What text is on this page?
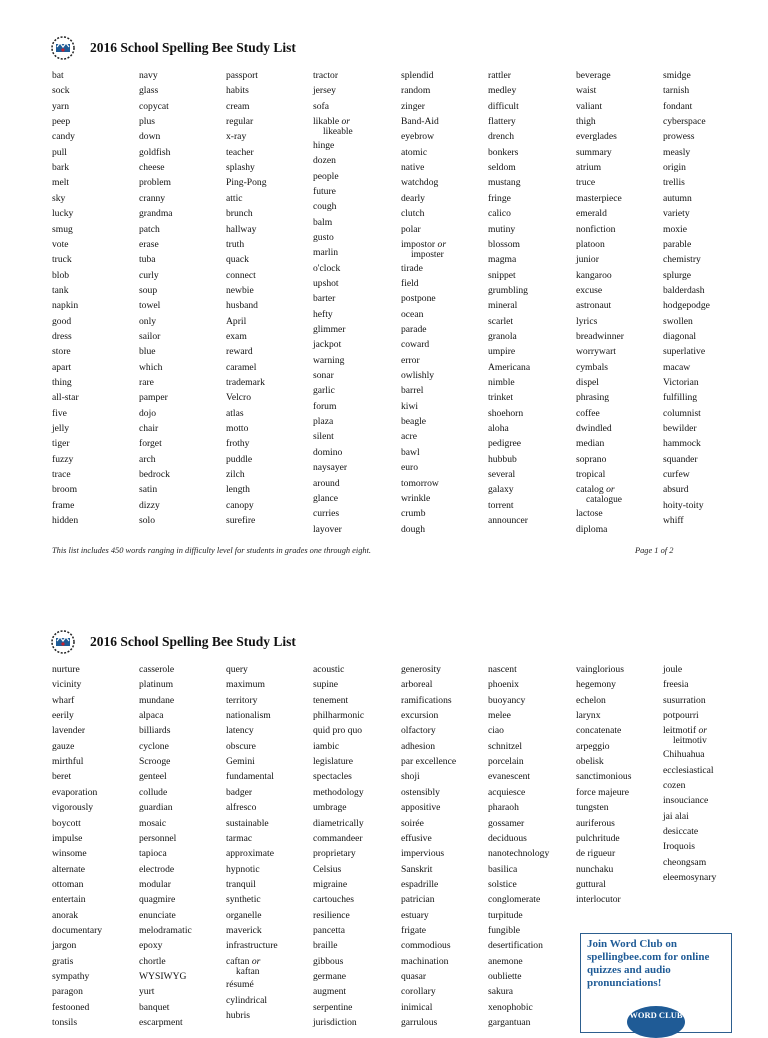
2016 School Spelling Bee Study List
bat
sock
yarn
peep
candy
pull
bark
melt
sky
lucky
smug
vote
truck
blob
tank
napkin
good
dress
store
apart
thing
all-star
five
jelly
tiger
fuzzy
trace
broom
frame
hidden
navy
glass
copycat
plus
down
goldfish
cheese
problem
cranny
grandma
patch
erase
tuba
curly
soup
towel
only
sailor
blue
which
rare
pamper
dojo
chair
forget
arch
bedrock
satin
dizzy
solo
passport
habits
cream
regular
x-ray
teacher
splashy
Ping-Pong
attic
brunch
hallway
truth
quack
connect
newbie
husband
April
exam
reward
caramel
trademark
Velcro
atlas
motto
frothy
puddle
zilch
length
canopy
surefire
tractor
jersey
sofa
likable or
likeable
hinge
dozen
people
future
cough
balm
gusto
marlin
o'clock
upshot
barter
hefty
glimmer
jackpot
warning
sonar
garlic
forum
plaza
silent
domino
naysayer
around
glance
curries
layover
splendid
random
zinger
Band-Aid
eyebrow
atomic
native
watchdog
dearly
clutch
polar
impostor or
imposter
tirade
field
postpone
ocean
parade
coward
error
owlishly
barrel
kiwi
beagle
acre
bawl
euro
tomorrow
wrinkle
crumb
dough
rattler
medley
difficult
flattery
drench
bonkers
seldom
mustang
fringe
calico
mutiny
blossom
magma
snippet
grumbling
mineral
scarlet
granola
umpire
Americana
nimble
trinket
shoehorn
aloha
pedigree
hubbub
several
galaxy
torrent
announcer
beverage
waist
valiant
thigh
everglades
summary
atrium
truce
masterpiece
emerald
nonfiction
platoon
junior
kangaroo
excuse
astronaut
lyrics
breadwinner
worrywart
cymbals
dispel
phrasing
coffee
dwindled
median
soprano
tropical
catalog or
catalogue
lactose
diploma
smidge
tarnish
fondant
cyberspace
prowess
measly
origin
trellis
autumn
variety
moxie
parable
chemistry
splurge
balderdash
hodgepodge
swollen
diagonal
superlative
macaw
Victorian
fulfilling
columnist
bewilder
hammock
squander
curfew
absurd
hoity-toity
whiff
This list includes 450 words ranging in difficulty level for students in grades one through eight.	Page 1 of 2
2016 School Spelling Bee Study List
nurture
vicinity
wharf
eerily
lavender
gauze
mirthful
beret
evaporation
vigorously
boycott
impulse
winsome
alternate
ottoman
entertain
anorak
documentary
jargon
gratis
sympathy
paragon
festooned
tonsils
casserole
platinum
mundane
alpaca
billiards
cyclone
Scrooge
genteel
collude
guardian
mosaic
personnel
tapioca
electrode
modular
quagmire
enunciate
melodramatic
epoxy
chortle
WYSIWYG
yurt
banquet
escarpment
query
maximum
territory
nationalism
latency
obscure
Gemini
fundamental
badger
alfresco
sustainable
tarmac
approximate
hypnotic
tranquil
synthetic
organelle
maverick
infrastructure
caftan or
kaftan
résumé
cylindrical
hubris
acoustic
supine
tenement
philharmonic
quid pro quo
iambic
legislature
spectacles
methodology
umbrage
diametrically
commandeer
proprietary
Celsius
migraine
cartouches
resilience
pancetta
braille
gibbous
germane
augment
serpentine
jurisdiction
generosity
arboreal
ramifications
excursion
olfactory
adhesion
par excellence
shoji
ostensibly
appositive
soirée
effusive
impervious
Sanskrit
espadrille
patrician
estuary
frigate
commodious
machination
quasar
corollary
inimical
garrulous
nascent
phoenix
buoyancy
melee
ciao
schnitzel
porcelain
evanescent
acquiesce
pharaoh
gossamer
deciduous
nanotechnology
basilica
solstice
conglomerate
turpitude
fungible
desertification
anemone
oubliette
sakura
xenophobic
gargantuan
vainglorious
hegemony
echelon
larynx
concatenate
arpeggio
obelisk
sanctimonious
force majeure
tungsten
auriferous
pulchritude
de rigueur
nunchaku
guttural
interlocutor
joule
freesia
susurration
potpourri
leitmotif or
leitmotiv
Chihuahua
ecclesiastical
cozen
insouciance
jai alai
desiccate
Iroquois
cheongsam
eleemosynary
Join Word Club on spellingbee.com for online quizzes and audio pronunciations!
WORD CLUB
